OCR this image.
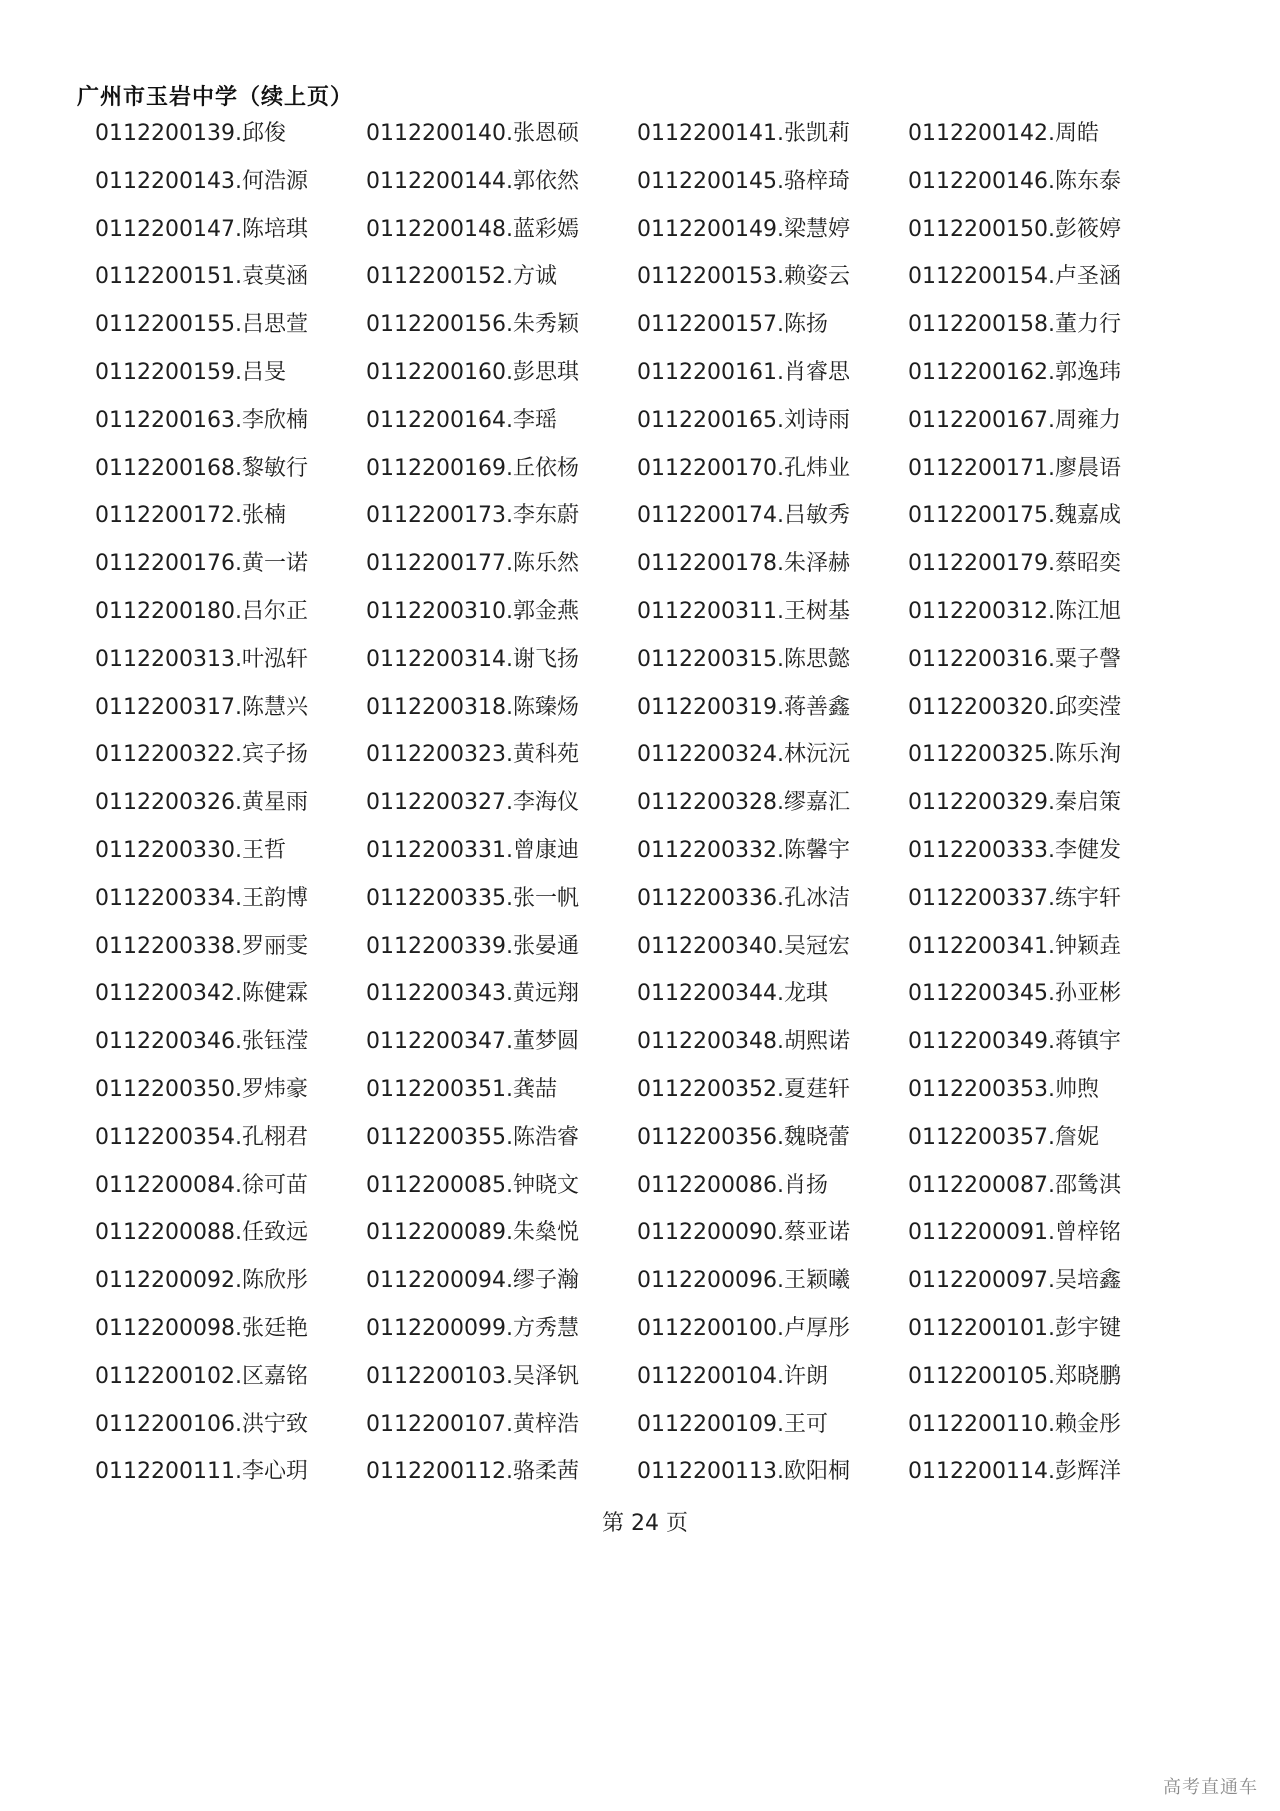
广州市玉岩中学（续上页）
0112200139.邱俊	0112200140.张恩硕	0112200141.张凯莉	0112200142.周皓
0112200143.何浩源	0112200144.郭依然	0112200145.骆梓琦	0112200146.陈东泰
0112200147.陈培琪	0112200148.蓝彩嫣	0112200149.梁慧婷	0112200150.彭筱婷
0112200151.袁莫涵	0112200152.方诚	0112200153.赖姿云	0112200154.卢圣涵
0112200155.吕思萱	0112200156.朱秀颖	0112200157.陈扬	0112200158.董力行
0112200159.吕旻	0112200160.彭思琪	0112200161.肖睿思	0112200162.郭逸玮
0112200163.李欣楠	0112200164.李瑶	0112200165.刘诗雨	0112200167.周雍力
0112200168.黎敏行	0112200169.丘依杨	0112200170.孔炜业	0112200171.廖晨语
0112200172.张楠	0112200173.李东蔚	0112200174.吕敏秀	0112200175.魏嘉成
0112200176.黄一诺	0112200177.陈乐然	0112200178.朱泽赫	0112200179.蔡昭奕
0112200180.吕尔正	0112200310.郭金燕	0112200311.王树基	0112200312.陈江旭
0112200313.叶泓轩	0112200314.谢飞扬	0112200315.陈思懿	0112200316.粟子謦
0112200317.陈慧兴	0112200318.陈臻炀	0112200319.蒋善鑫	0112200320.邱奕滢
0112200322.宾子扬	0112200323.黄科苑	0112200324.林沅沅	0112200325.陈乐洵
0112200326.黄星雨	0112200327.李海仪	0112200328.缪嘉汇	0112200329.秦启策
0112200330.王哲	0112200331.曾康迪	0112200332.陈馨宇	0112200333.李健发
0112200334.王韵博	0112200335.张一帆	0112200336.孔冰洁	0112200337.练宇轩
0112200338.罗丽雯	0112200339.张晏通	0112200340.吴冠宏	0112200341.钟颖垚
0112200342.陈健霖	0112200343.黄远翔	0112200344.龙琪	0112200345.孙亚彬
0112200346.张钰滢	0112200347.董梦圆	0112200348.胡熙诺	0112200349.蒋镇宇
0112200350.罗炜豪	0112200351.龚喆	0112200352.夏莛轩	0112200353.帅煦
0112200354.孔栩君	0112200355.陈浩睿	0112200356.魏晓蕾	0112200357.詹妮
0112200084.徐可苗	0112200085.钟晓文	0112200086.肖扬	0112200087.邵鸶淇
0112200088.任致远	0112200089.朱燊悦	0112200090.蔡亚诺	0112200091.曾梓铭
0112200092.陈欣彤	0112200094.缪子瀚	0112200096.王颖曦	0112200097.吴培鑫
0112200098.张廷艳	0112200099.方秀慧	0112200100.卢厚彤	0112200101.彭宇键
0112200102.区嘉铭	0112200103.吴泽钒	0112200104.许朗	0112200105.郑晓鹏
0112200106.洪宁致	0112200107.黄梓浩	0112200109.王可	0112200110.赖金彤
0112200111.李心玥	0112200112.骆柔茜	0112200113.欧阳桐	0112200114.彭辉洋
第 24 页
高考直通车
